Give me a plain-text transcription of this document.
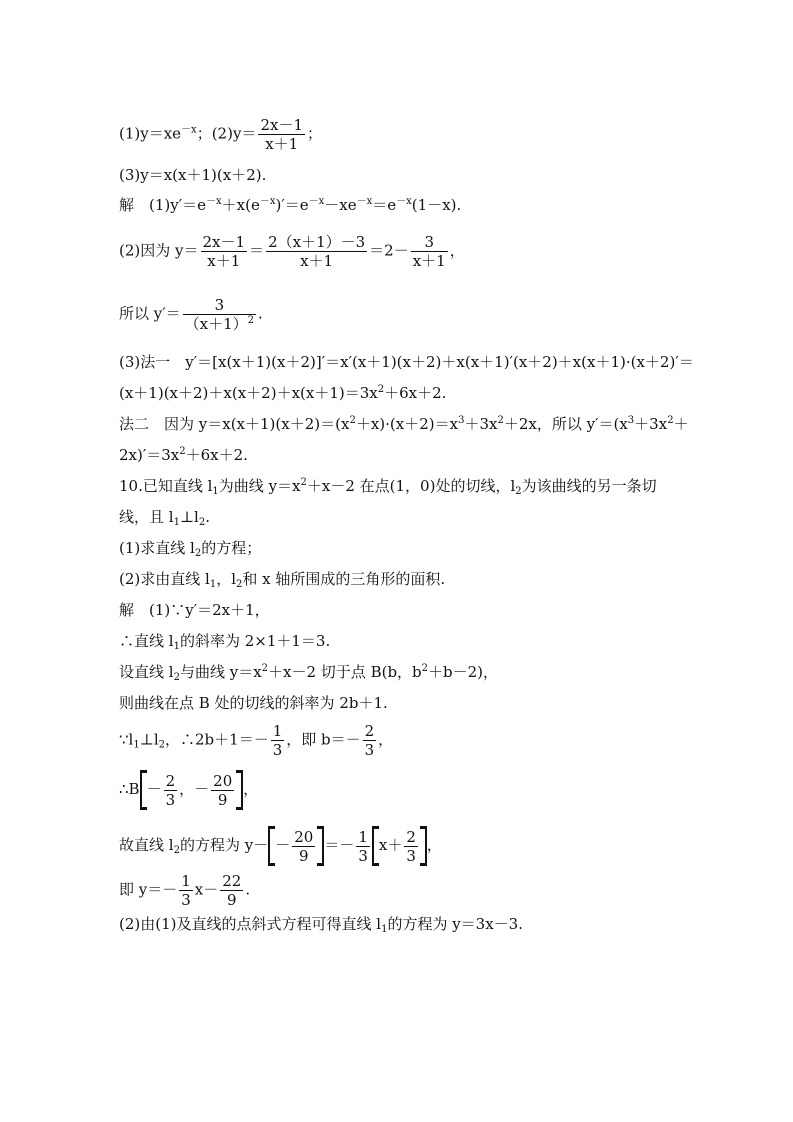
$(1)y=xe^{-x}$；$(2)y= \frac{2x-1}{x+1}$ ；
(3)y＝x(x＋1)(x＋2).
解　$(1)y'=e^{-x}+x(e^{-x})'=e^{-x}-xe^{-x}=e^{-x}(1-x)$.
(2)因为 $y= \frac{2x-1}{x+1} = \frac{2(x+1)-3}{x+1} =2- \frac{3}{x+1}$ ，
所以 $y'= \frac{3}{(x+1)^2}$ .
(3)法一　y′＝[x(x＋1)(x＋2)]′＝x′(x＋1)(x＋2)＋x(x＋1)′(x＋2)＋x(x＋1)·(x＋2)′＝
$(x+1)(x+2)+x(x+2)+x(x+1)=3x^2+6x+2$.
法二　因为 $y=x(x+1)(x+2)=(x^2+x)\cdot(x+2)=x^3+3x^2+2x$，所以 $y'=(x^3+3x^2+$
$2x)'=3x^2+6x+2$.
10.已知直线 $l_1$为曲线 $y=x^2+x-2$ 在点(1，0)处的切线，$l_2$为该曲线的另一条切
线，且 $l_1\perp l_2$.
(1)求直线 $l_2$的方程；
(2)求由直线 $l_1$，$l_2$和 x 轴所围成的三角形的面积.
解　(1)∵y′＝2x＋1，
∴直线 $l_1$的斜率为 2×1＋1＝3.
设直线 $l_2$与曲线 $y=x^2+x-2$ 切于点 B(b，$b^2+b-2$)，
则曲线在点 B 处的切线的斜率为 2b＋1.
$\because l_1\perp l_2$，∴2b＋1＝－ $\frac{1}{3}$ ，即 $b=- \frac{2}{3}$ ，
∴B － $\frac{2}{3}$ ，－ $\frac{20}{9}$ ，
故直线 $l_2$的方程为 $y- - \frac{20}{9} =- \frac{1}{3} x+ \frac{2}{3}$ ，
即 $y=- \frac{1}{3} x- \frac{22}{9}$ .
(2)由(1)及直线的点斜式方程可得直线 $l_1$的方程为 y＝3x－3.
